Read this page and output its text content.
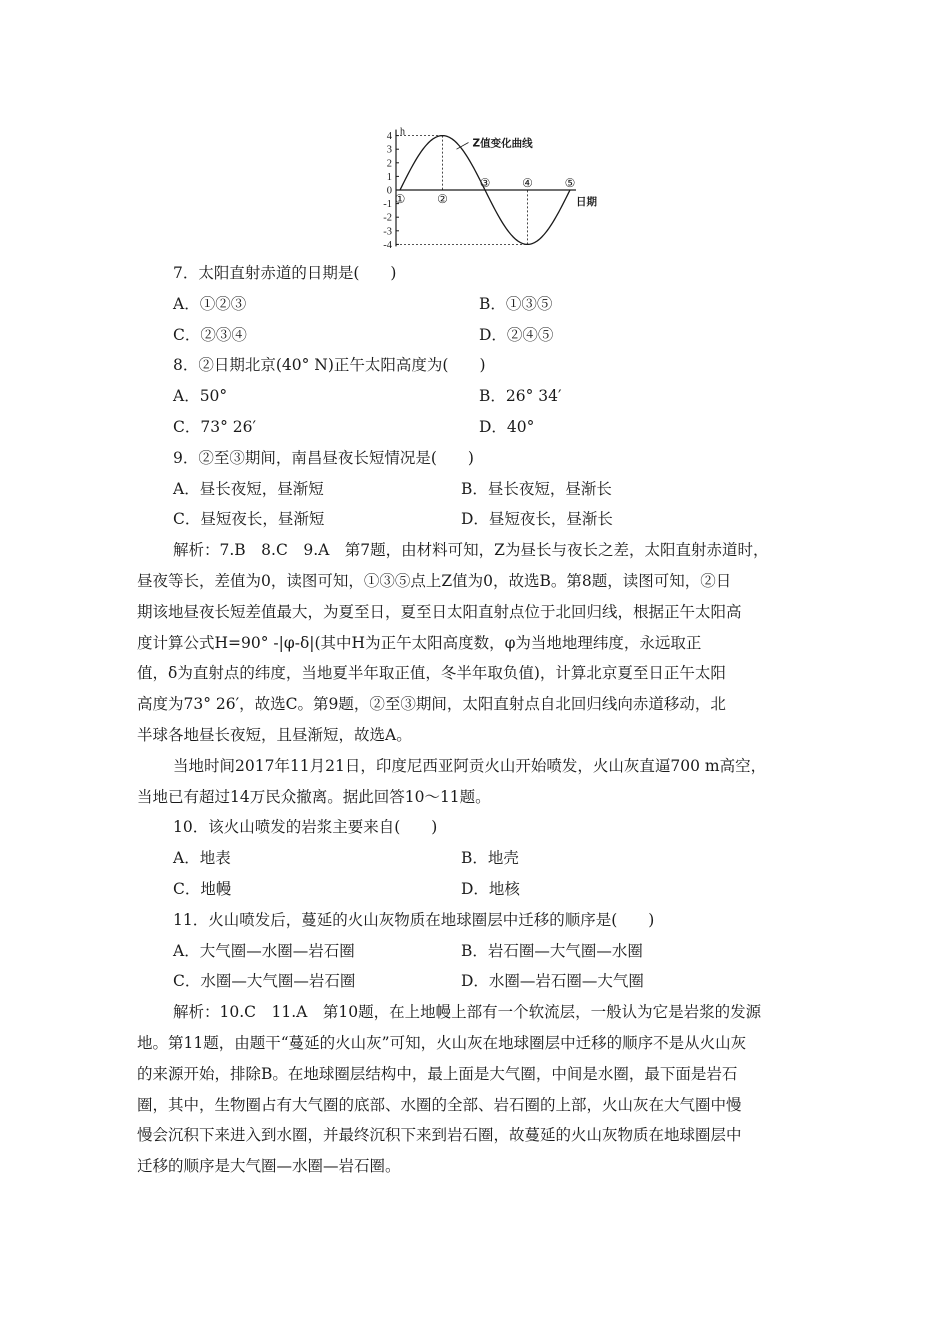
4
3
2
1
0
-1
-2
-3
-4
h
①	②
③	④	⑤
Z值变化曲线
日期
7．太阳直射赤道的日期是(　　)
A．①②③	B．①③⑤
C．②③④	D．②④⑤
8．②日期北京(40° N)正午太阳高度为(　　)
A．50°	B．26° 34′
C．73° 26′	D．40°
9．②至③期间，南昌昼夜长短情况是(　　)
A．昼长夜短，昼渐短	B．昼长夜短，昼渐长
C．昼短夜长，昼渐短	D．昼短夜长，昼渐长
解析：7.B　8.C　9.A　第7题，由材料可知，Z为昼长与夜长之差，太阳直射赤道时，
昼夜等长，差值为0，读图可知，①③⑤点上Z值为0，故选B。第8题，读图可知，②日
期该地昼夜长短差值最大，为夏至日，夏至日太阳直射点位于北回归线，根据正午太阳高
度计算公式H=90° -|φ-δ|(其中H为正午太阳高度数，φ为当地地理纬度，永远取正
值，δ为直射点的纬度，当地夏半年取正值，冬半年取负值)，计算北京夏至日正午太阳
高度为73° 26′，故选C。第9题，②至③期间，太阳直射点自北回归线向赤道移动，北
半球各地昼长夜短，且昼渐短，故选A。
当地时间2017年11月21日，印度尼西亚阿贡火山开始喷发，火山灰直逼700 m高空，
当地已有超过14万民众撤离。据此回答10～11题。
10．该火山喷发的岩浆主要来自(　　)
A．地表	B．地壳
C．地幔	D．地核
11．火山喷发后，蔓延的火山灰物质在地球圈层中迁移的顺序是(　　)
A．大气圈—水圈—岩石圈	B．岩石圈—大气圈—水圈
C．水圈—大气圈—岩石圈	D．水圈—岩石圈—大气圈
解析：10.C　11.A　第10题，在上地幔上部有一个软流层，一般认为它是岩浆的发源
地。第11题，由题干“蔓延的火山灰”可知，火山灰在地球圈层中迁移的顺序不是从火山灰
的来源开始，排除B。在地球圈层结构中，最上面是大气圈，中间是水圈，最下面是岩石
圈，其中，生物圈占有大气圈的底部、水圈的全部、岩石圈的上部，火山灰在大气圈中慢
慢会沉积下来进入到水圈，并最终沉积下来到岩石圈，故蔓延的火山灰物质在地球圈层中
迁移的顺序是大气圈—水圈—岩石圈。
